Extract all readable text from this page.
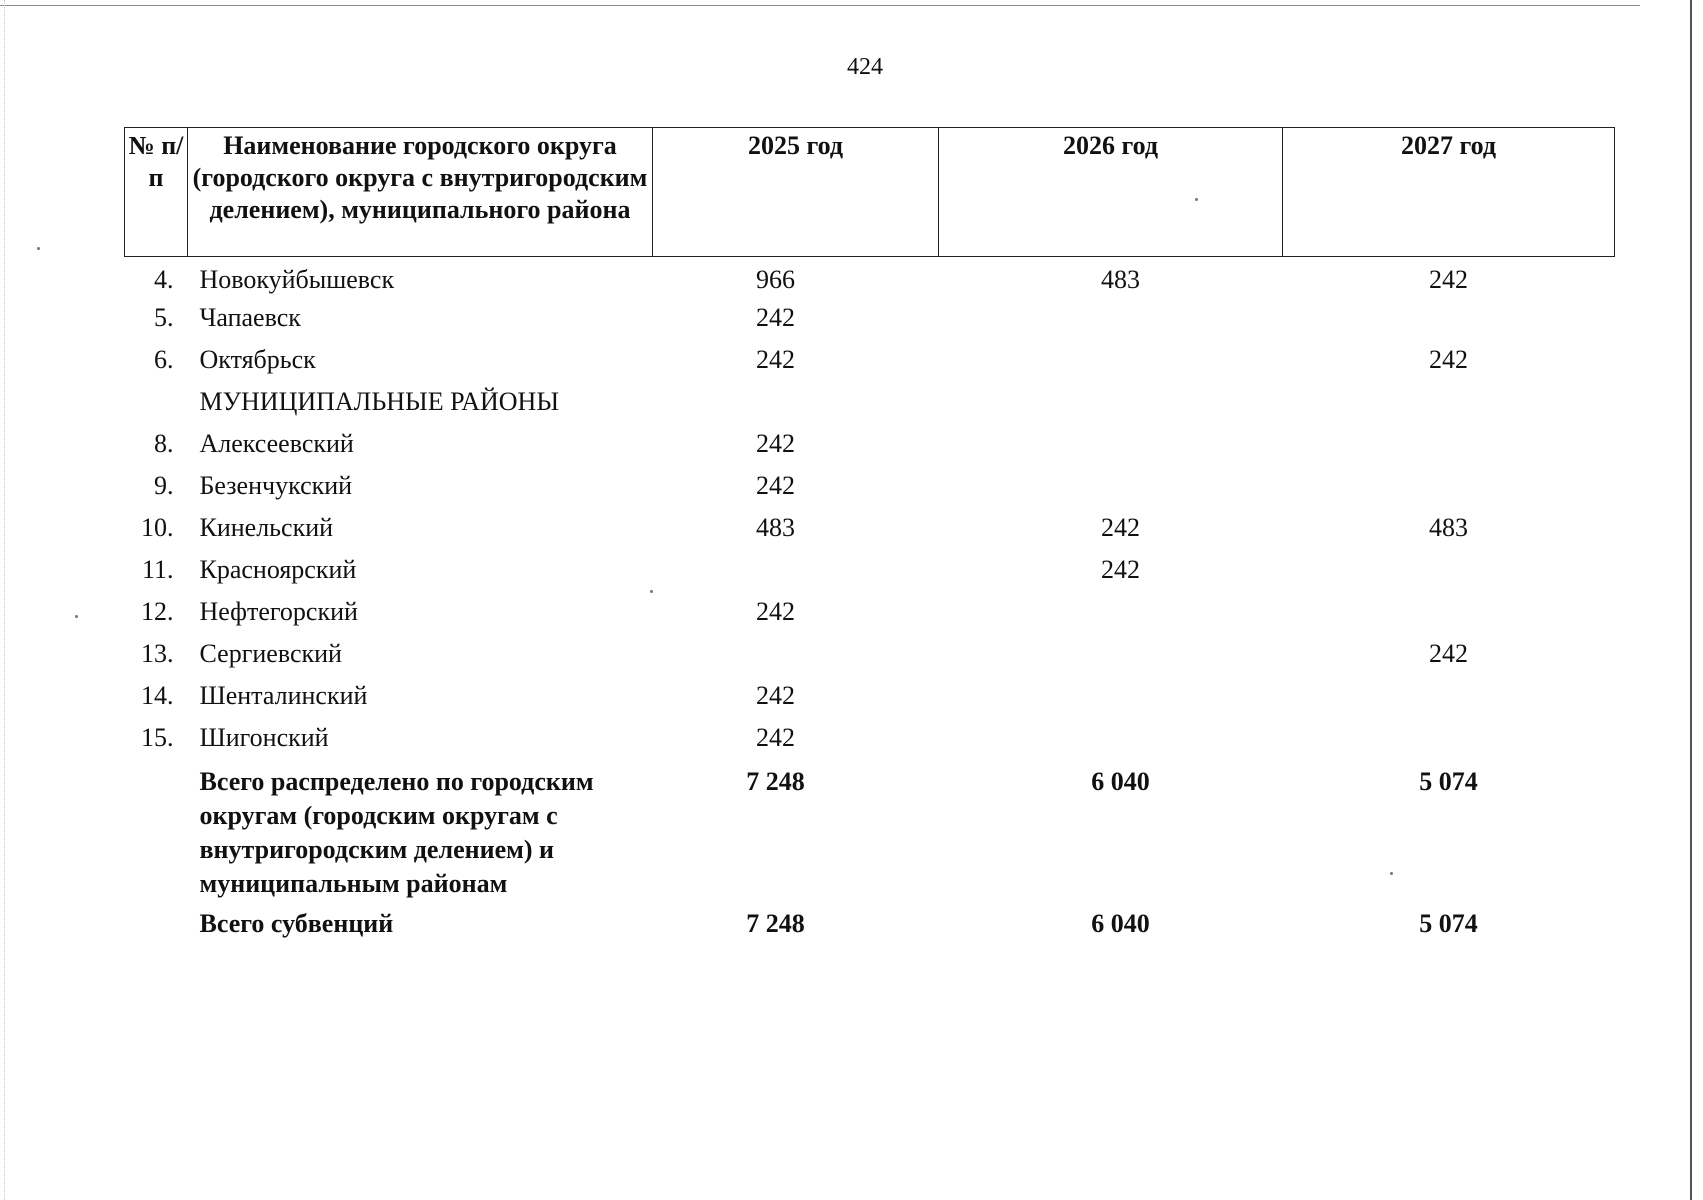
424
№ п/п	Наименование городского округа (городского округа с внутригородским делением), муниципального района	2025 год	2026 год	2027 год
4.	Новокуйбышевск	966	483	242
5.	Чапаевск	242		
6.	Октябрьск	242		242
	МУНИЦИПАЛЬНЫЕ РАЙОНЫ			
8.	Алексеевский	242		
9.	Безенчукский	242		
10.	Кинельский	483	242	483
11.	Красноярский		242	
12.	Нефтегорский	242		
13.	Сергиевский			242
14.	Шенталинский	242		
15.	Шигонский	242		
	Всего распределено по городским округам (городским округам с внутригородским делением) и муниципальным районам	7 248	6 040	5 074
	Всего субвенций	7 248	6 040	5 074
